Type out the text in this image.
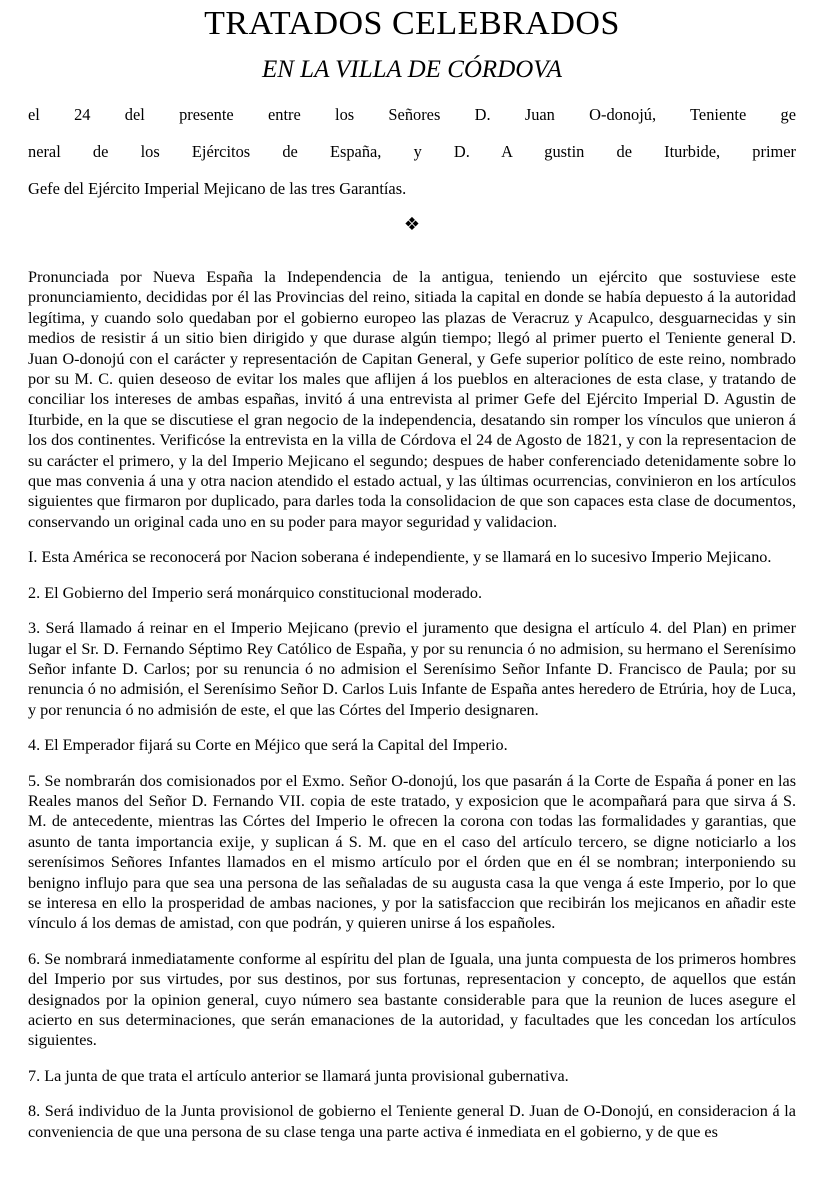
TRATADOS CELEBRADOS
EN LA VILLA DE CÓRDOVA
el 24 del presente entre los Señores D. Juan O-donojú, Teniente ge
neral de los Ejércitos de España, y D. A gustin de Iturbide, primer
Gefe del Ejército Imperial Mejicano de las tres Garantías.
❖

Pronunciada por Nueva España la Independencia de la antigua, teniendo un ejército que sostuviese este pronunciamiento, decididas por él las Provincias del reino, sitiada la capital en donde se había depuesto á la autoridad legítima, y cuando solo quedaban por el gobierno europeo las plazas de Veracruz y Acapulco, desguarnecidas y sin medios de resistir á un sitio bien dirigido y que durase algún tiempo; llegó al primer puerto el Teniente general D. Juan O-donojú con el carácter y representación de Capitan General, y Gefe superior político de este reino, nombrado por su M. C. quien deseoso de evitar los males que aflijen á los pueblos en alteraciones de esta clase, y tratando de conciliar los intereses de ambas españas, invitó á una entrevista al primer Gefe del Ejército Imperial D. Agustin de Iturbide, en la que se discutiese el gran negocio de la independencia, desatando sin romper los vínculos que unieron á los dos continentes. Verificóse la entrevista en la villa de Córdova el 24 de Agosto de 1821, y con la representacion de su carácter el primero, y la del Imperio Mejicano el segundo; despues de haber conferenciado detenidamente sobre lo que mas convenia á una y otra nacion atendido el estado actual, y las últimas ocurrencias, convinieron en los artículos siguientes que firmaron por duplicado, para darles toda la consolidacion de que son capaces esta clase de documentos, conservando un original cada uno en su poder para mayor seguridad y validacion.

I. Esta América se reconocerá por Nacion soberana é independiente, y se llamará en lo sucesivo Imperio Mejicano.

2. El Gobierno del Imperio será monárquico constitucional moderado.

3. Será llamado á reinar en el Imperio Mejicano (previo el juramento que designa el artículo 4. del Plan) en primer lugar el Sr. D. Fernando Séptimo Rey Católico de España, y por su renuncia ó no admision, su hermano el Serenísimo Señor infante D. Carlos; por su renuncia ó no admision el Serenísimo Señor Infante D. Francisco de Paula; por su renuncia ó no admisión, el Serenísimo Señor D. Carlos Luis Infante de España antes heredero de Etrúria, hoy de Luca, y por renuncia ó no admisión de este, el que las Córtes del Imperio designaren.

4. El Emperador fijará su Corte en Méjico que será la Capital del Imperio.

5. Se nombrarán dos comisionados por el Exmo. Señor O-donojú, los que pasarán á la Corte de España á poner en las Reales manos del Señor D. Fernando VII. copia de este tratado, y exposicion que le acompañará para que sirva á S. M. de antecedente, mientras las Córtes del Imperio le ofrecen la corona con todas las formalidades y garantias, que asunto de tanta importancia exije, y suplican á S. M. que en el caso del artículo tercero, se digne noticiarlo a los serenísimos Señores Infantes llamados en el mismo artículo por el órden que en él se nombran; interponiendo su benigno influjo para que sea una persona de las señaladas de su augusta casa la que venga á este Imperio, por lo que se interesa en ello la prosperidad de ambas naciones, y por la satisfaccion que recibirán los mejicanos en añadir este vínculo á los demas de amistad, con que podrán, y quieren unirse á los españoles.

6. Se nombrará inmediatamente conforme al espíritu del plan de Iguala, una junta compuesta de los primeros hombres del Imperio por sus virtudes, por sus destinos, por sus fortunas, representacion y concepto, de aquellos que están designados por la opinion general, cuyo número sea bastante considerable para que la reunion de luces asegure el acierto en sus determinaciones, que serán emanaciones de la autoridad, y facultades que les concedan los artículos siguientes.

7. La junta de que trata el artículo anterior se llamará junta provisional gubernativa.

8. Será individuo de la Junta provisionol de gobierno el Teniente general D. Juan de O-Donojú, en consideracion á la conveniencia de que una persona de su clase tenga una parte activa é inmediata en el gobierno, y de que es
